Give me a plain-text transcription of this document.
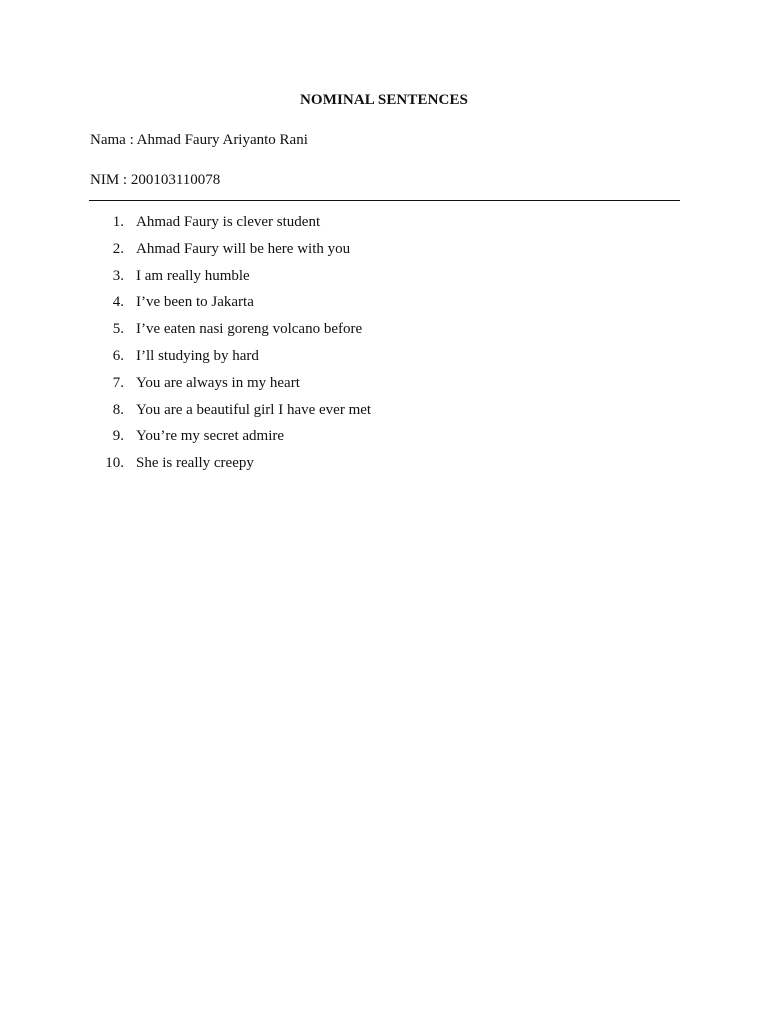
NOMINAL SENTENCES

Nama : Ahmad Faury Ariyanto Rani

NIM : 200103110078

1. Ahmad Faury is clever student
2. Ahmad Faury will be here with you
3. I am really humble
4. I’ve been to Jakarta
5. I’ve eaten nasi goreng volcano before
6. I’ll studying by hard
7. You are always in my heart
8. You are a beautiful girl I have ever met
9. You’re my secret admire
10. She is really creepy
